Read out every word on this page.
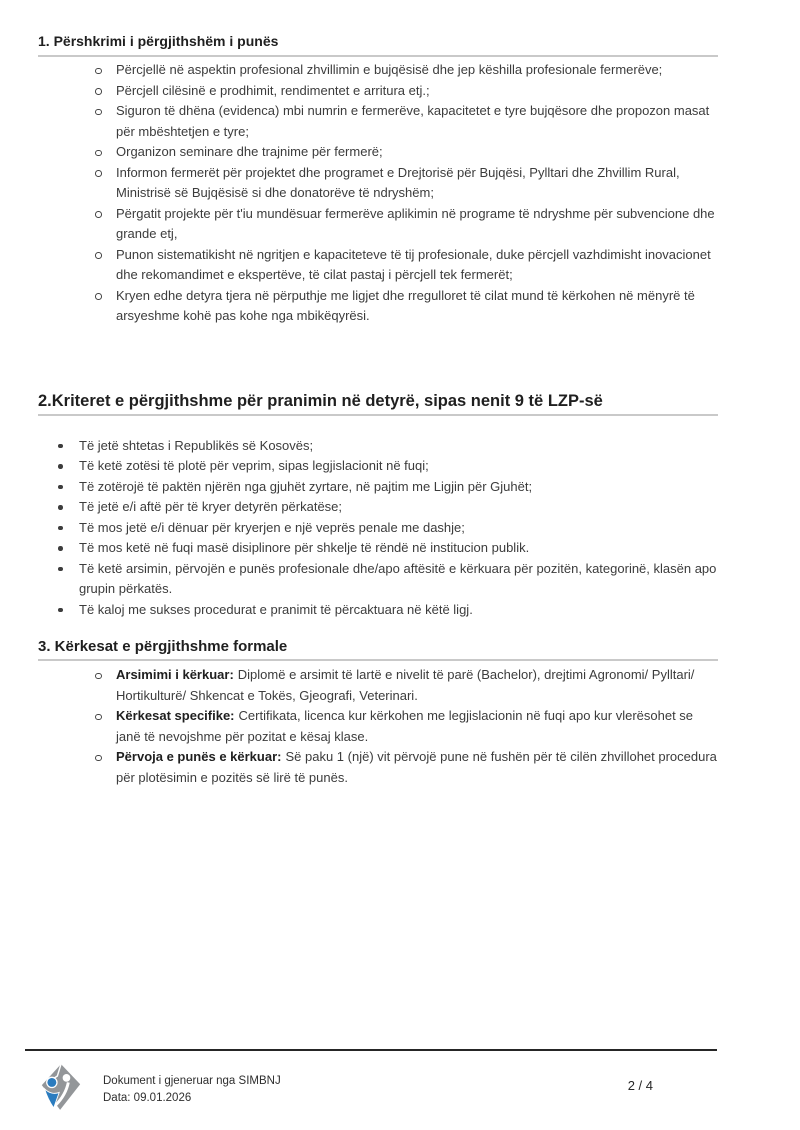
1. Përshkrimi i përgjithshëm i punës
Përcjellë në aspektin profesional zhvillimin e bujqësisë dhe jep këshilla profesionale fermerëve;
Përcjell cilësinë e prodhimit, rendimentet e arritura etj.;
Siguron të dhëna (evidenca) mbi numrin e fermerëve, kapacitetet e tyre bujqësore dhe propozon masat për mbështetjen e tyre;
Organizon seminare dhe trajnime për fermerë;
Informon fermerët për projektet dhe programet e Drejtorisë për Bujqësi, Pylltari dhe Zhvillim Rural, Ministrisë së Bujqësisë si dhe donatorëve të ndryshëm;
Përgatit projekte për t'iu mundësuar fermerëve aplikimin në programe të ndryshme për subvencione dhe grande etj,
Punon sistematikisht në ngritjen e kapaciteteve të tij profesionale, duke përcjell vazhdimisht inovacionet dhe rekomandimet e ekspertëve, të cilat pastaj i përcjell tek fermerët;
Kryen edhe detyra tjera në përputhje me ligjet dhe rregulloret të cilat mund të kërkohen në mënyrë të arsyeshme kohë pas kohe nga mbikëqyrësi.
2.Kriteret e përgjithshme për pranimin në detyrë, sipas nenit 9 të LZP-së
Të jetë shtetas i Republikës së Kosovës;
Të ketë zotësi të plotë për veprim, sipas legjislacionit në fuqi;
Të zotërojë të paktën njërën nga gjuhët zyrtare, në pajtim me Ligjin për Gjuhët;
Të jetë e/i aftë për të kryer detyrën përkatëse;
Të mos jetë e/i dënuar për kryerjen e një veprës penale me dashje;
Të mos ketë në fuqi masë disiplinore për shkelje të rëndë në institucion publik.
Të ketë arsimin, përvojën e punës profesionale dhe/apo aftësitë e kërkuara për pozitën, kategorinë, klasën apo grupin përkatës.
Të kaloj me sukses procedurat e pranimit të përcaktuara në këtë ligj.
3. Kërkesat e përgjithshme formale
Arsimimi i kërkuar: Diplomë e arsimit të lartë e nivelit të parë (Bachelor), drejtimi Agronomi/ Pylltari/ Hortikulturë/ Shkencat e Tokës, Gjeografi, Veterinari.
Kërkesat specifike: Certifikata, licenca kur kërkohen me legjislacionin në fuqi apo kur vlerësohet se janë të nevojshme për pozitat e kësaj klase.
Përvoja e punës e kërkuar: Së paku 1 (një) vit përvojë pune në fushën për të cilën zhvillohet procedura për plotësimin e pozitës së lirë të punës.
Dokument i gjeneruar nga SIMBNJ
Data: 09.01.2026
2 / 4
